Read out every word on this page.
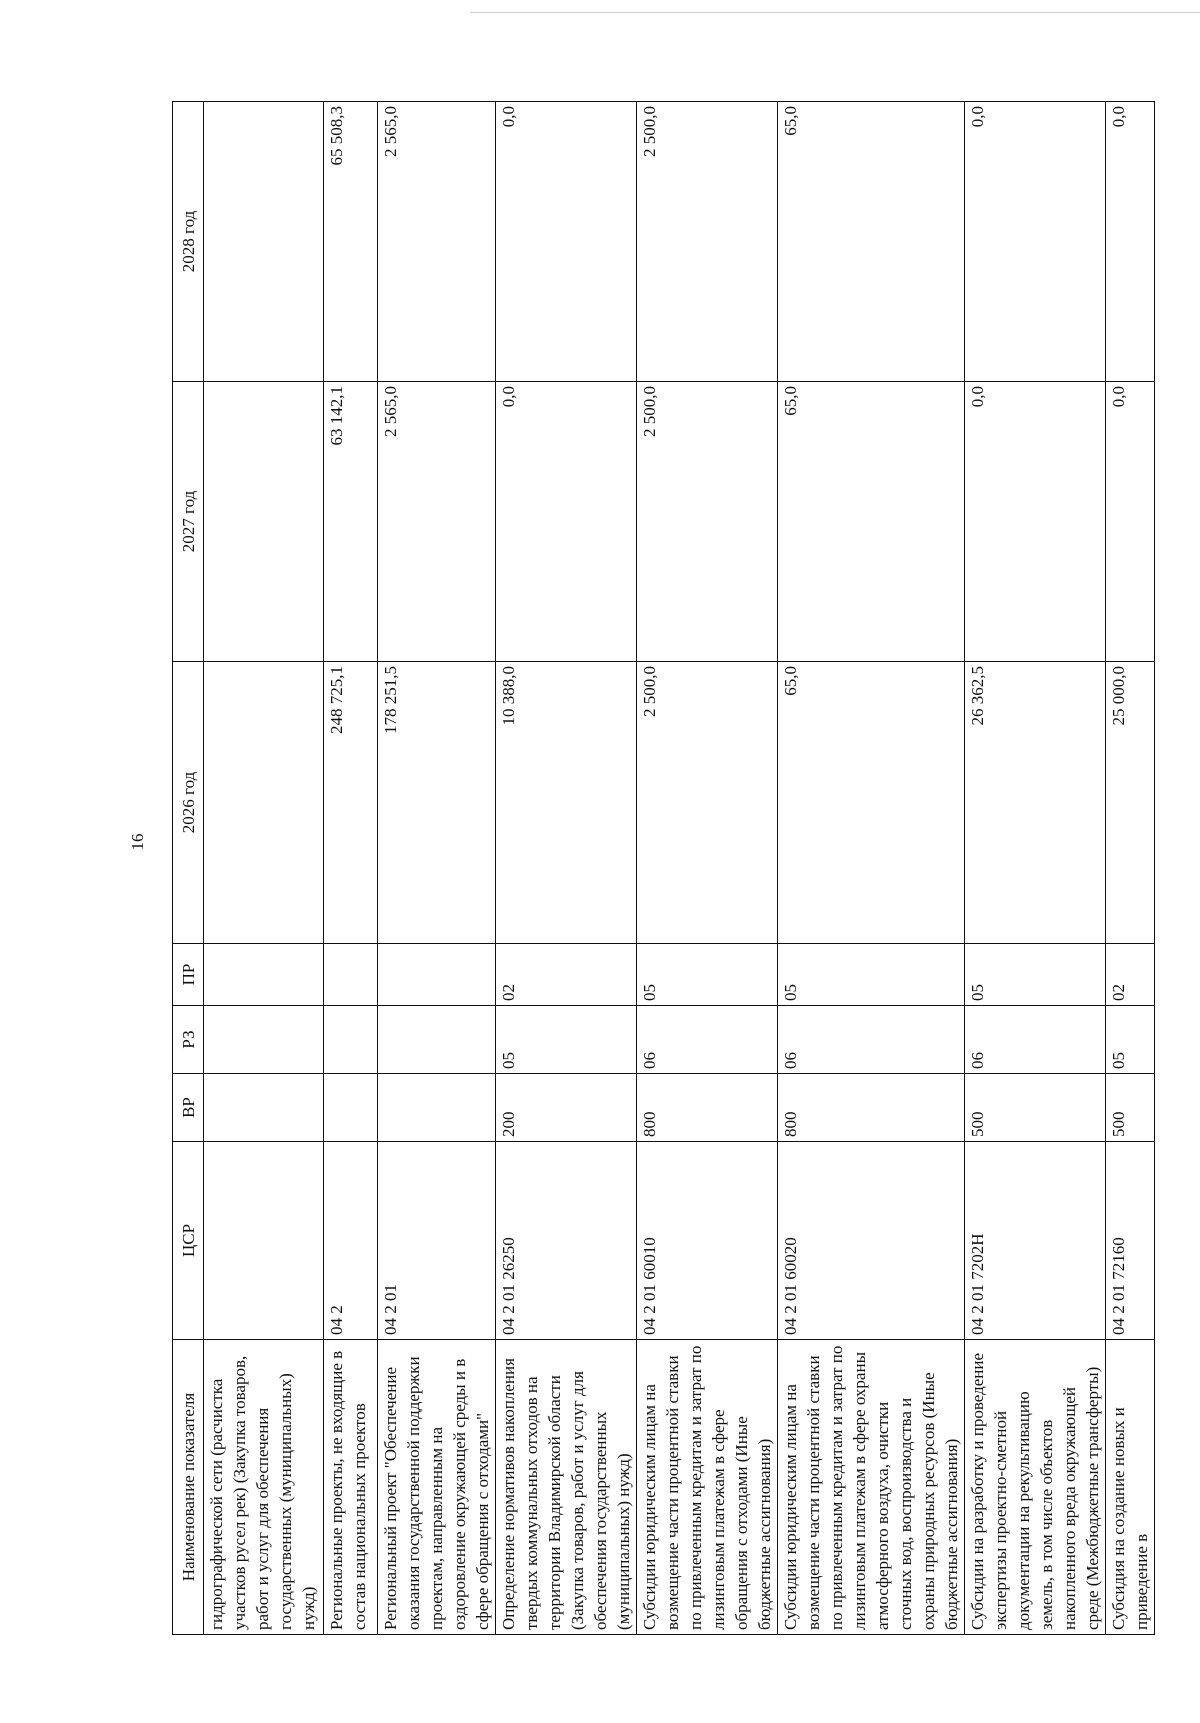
16
Наименование показателя	ЦСР	ВР	РЗ	ПР	2026 год	2027 год	2028 год
гидрографической сети (расчистка участков русел рек) (Закупка товаров, работ и услуг для обеспечения государственных (муниципальных) нужд)							
Региональные проекты, не входящие в состав национальных проектов	04 2				248 725,1	63 142,1	65 508,3
Региональный проект "Обеспечение оказания государственной поддержки проектам, направленным на оздоровление окружающей среды и в сфере обращения с отходами"	04 2 01				178 251,5	2 565,0	2 565,0
Определение нормативов накопления твердых коммунальных отходов на территории Владимирской области (Закупка товаров, работ и услуг для обеспечения государственных (муниципальных) нужд)	04 2 01 26250	200	05	02	10 388,0	0,0	0,0
Субсидии юридическим лицам на возмещение части процентной ставки по привлеченным кредитам и затрат по лизинговым платежам в сфере обращения с отходами (Иные бюджетные ассигнования)	04 2 01 60010	800	06	05	2 500,0	2 500,0	2 500,0
Субсидии юридическим лицам на возмещение части процентной ставки по привлеченным кредитам и затрат по лизинговым платежам в сфере охраны атмосферного воздуха, очистки сточных вод, воспроизводства и охраны природных ресурсов (Иные бюджетные ассигнования)	04 2 01 60020	800	06	05	65,0	65,0	65,0
Субсидии на разработку и проведение экспертизы проектно-сметной документации на рекультивацию земель, в том числе объектов накопленного вреда окружающей среде (Межбюджетные трансферты)	04 2 01 7202Н	500	06	05	26 362,5	0,0	0,0
Субсидия на создание новых и приведение в	04 2 01 72160	500	05	02	25 000,0	0,0	0,0
